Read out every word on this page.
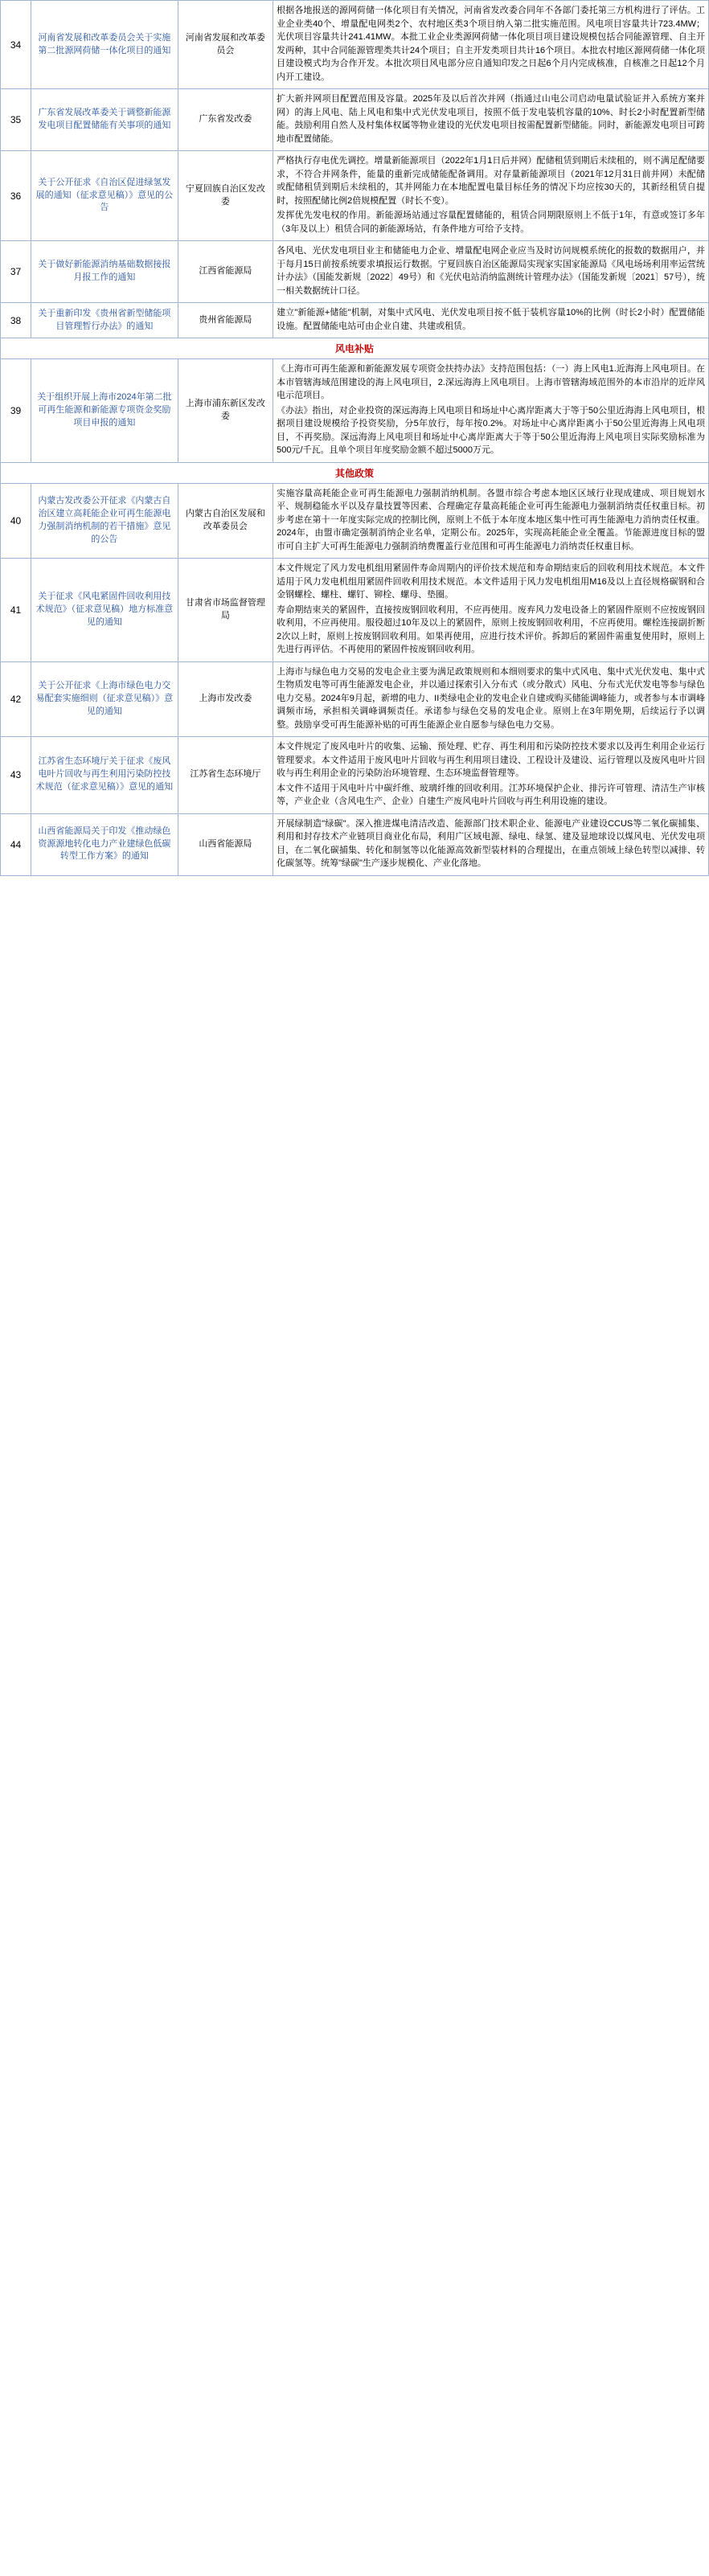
34	河南省发展和改革委员会关于实施第二批源网荷储一体化项目的通知	河南省发展和改革委员会	根据各地报送的源网荷储一体化项目有关情况，河南省发改委合同年不各部门委托第三方机构进行了评估。工业企业类40个、增量配电网类2个、农村地区类3个项目纳入第二批实施范围。风电项目容量共计723.4MW；光伏项目容量共计241.41MW。本批工业企业类源网荷储一体化项目项目建设规模包括合同能源管理、自主开发两种，其中合同能源管理类共计24个项目；自主开发类项目共计16个项目。本批农村地区源网荷储一体化项目建设模式均为合作开发。本批次项目风电部分应自通知印发之日起6个月内完成核准，自核准之日起12个月内开工建设。

35	广东省发展改革委关于调整新能源发电项目配置储能有关事项的通知	广东省发改委	扩大新并网项目配置范围及容量。2025年及以后首次并网（指通过山电公司启动电量试验证并入系统方案并网）的海上风电、陆上风电和集中式光伏发电项目，按照不低于发电装机容量的10%、时长2小时配置新型储能。鼓励利用自然人及村集体权属等物业建设的光伏发电项目按需配置新型储能。同时，新能源发电项目可跨地市配置储能。

36	关于公开征求《自治区促进绿氢发展的通知（征求意见稿）》意见的公告	宁夏回族自治区发改委	严格执行存电优先调控。增量新能源项目（2022年1月1日后并网）配储租赁到期后未续租的，则不满足配储要求，不符合并网条件，能量的重新完成储能配备调用。对存量新能源项目（2021年12月31日前并网）未配储或配储租赁到期后未续租的，其并网能力在本地配置电量目标任务的情况下均应按30天的，其新经租赁自提时，按照配储比例2倍规模配置（时长不变）。

发挥优先发电权的作用。新能源场站通过容量配置储能的，租赁合同期限原则上不低于1年，有意或签订多年（3年及以上）租赁合同的新能源场站，有条件地方可给予支持。

37	关于做好新能源消纳基础数据接报月报工作的通知	江西省能源局	各风电、光伏发电项目业主和储能电力企业、增量配电网企业应当及时访问规模系统化的报数的数据用户，并于每月15日前按系统要求填报运行数据。宁夏回族自治区能源局实现家实国家能源局《风电场场利用率运营统计办法》（国能发新规〔2022〕49号）和《光伏电站消纳监测统计管理办法》（国能发新规〔2021〕57号），统一相关数据统计口径。

38	关于重新印发《贵州省新型储能项目管理暂行办法》的通知	贵州省能源局	建立"新能源+储能"机制，对集中式风电、光伏发电项目按不低于装机容量10%的比例（时长2小时）配置储能设施。配置储能电站可由企业自建、共建或租赁。

风电补贴			
39	关于组织开展上海市2024年第二批可再生能源和新能源专项资金奖励项目申报的通知	上海市浦东新区发改委	《上海市可再生能源和新能源发展专项资金扶持办法》支持范围包括：（一）海上风电1.近海海上风电项目。在本市管辖海域范围建设的海上风电项目，2.深远海海上风电项目。上海市管辖海域范围外的本市沿岸的近岸风电示范项目。

《办法》指出，对企业投资的深远海海上风电项目和场址中心离岸距离大于等于50公里近海海上风电项目，根据项目建设规模给予投资奖励，分5年放行，每年按0.2%。对场址中心离岸距离小于50公里近海海上风电项目，不再奖励。深远海海上风电项目和场址中心离岸距离大于等于50公里近海海上风电项目实际奖励标准为500元/千瓦。且单个项目年度奖励金额不超过5000万元。

其他政策			
40	内蒙古发改委公开征求《内蒙古自治区建立高耗能企业可再生能源电力强制消纳机制的若干措施》意见的公告	内蒙古自治区发展和改革委员会	实施容量高耗能企业可再生能源电力强制消纳机制。各盟市综合考虑本地区区域行业现成建成、项目规划水平、规制稳能水平以及存量技置等因素、合理确定存量高耗能企业可再生能源电力强制消纳责任权重目标。初步考虑在第十一年度实际完成的控制比例，原则上不低于本年度本地区集中性可再生能源电力消纳责任权重。2024年，由盟市确定强制消纳企业名单，定期公布。2025年，实现高耗能企业全覆盖。节能源进度目标的盟市可自主扩大可再生能源电力强制消纳费覆盖行业范围和可再生能源电力消纳责任权重目标。

41	关于征求《风电紧固件回收利用技术规范》（征求意见稿）地方标准意见的通知	甘肃省市场监督管理局	本文件规定了风力发电机组用紧固件寿命周期内的评价技术规范和寿命期结束后的回收利用技术规范。本文件适用于风力发电机组用紧固件回收利用技术规范。本文件适用于风力发电机组用M16及以上直径规格碳钢和合金钢螺栓、螺柱、螺钉、铆栓、螺母、垫圈。

寿命期结束关的紧固件，直接按废钢回收利用，不应再使用。废弃风力发电设备上的紧固件原则不应按废钢回收利用，不应再使用。服役超过10年及以上的紧固件，原则上按废钢回收利用，不应再使用。螺栓连接副折断2次以上时，原则上按废钢回收利用。如果再使用，应进行技术评价。拆卸后的紧固件需重复使用时，原则上先进行再评估。不再使用的紧固件按废钢回收利用。

42	关于公开征求《上海市绿色电力交易配套实施细则（征求意见稿）》意见的通知	上海市发改委	上海市与绿色电力交易的发电企业主要为满足政策规则和本细则要求的集中式风电、集中式光伏发电、集中式生物质发电等可再生能源发电企业，并以通过探索引入分布式（或分散式）风电、分布式光伏发电等参与绿色电力交易。2024年9月起，新增的电力、II类绿电企业的发电企业自建或购买储能调峰能力，或者参与本市调峰调频市场，承担相关调峰调频责任。承诺参与绿色交易的发电企业。原则上在3年期免期，后续运行予以调整。鼓励享受可再生能源补贴的可再生能源企业自愿参与绿色电力交易。

43	江苏省生态环境厅关于征求《废风电叶片回收与再生利用污染防控技术规范（征求意见稿）》意见的通知	江苏省生态环境厅	本文件规定了废风电叶片的收集、运输、预处理、贮存、再生利用和污染防控技术要求以及再生利用企业运行管理要求。本文件适用于废风电叶片回收与再生利用项目建设、工程设计及建设、运行管理以及废风电叶片回收与再生利用企业的污染防治环境管理、生态环境监督管理等。

本文件不适用于风电叶片中碳纤维、玻璃纤维的回收利用。江苏环境保护企业、排污许可管理、清洁生产审核等，产业企业（含风电生产、企业）自建生产废风电叶片回收与再生利用设施的建设。

44	山西省能源局关于印发《推动绿色资源源地转化电力产业建绿色低碳转型工作方案》的通知	山西省能源局	开展绿制造"绿碳"。深入推进煤电清洁改造、能源部门技术职企业、能源电产业建设CCUS等二氧化碳捕集、利用和封存技术产业链项目商业化布局，利用广区域电源、绿电、绿氢、建及显地球设以煤风电、光伏发电项目，在二氧化碳捕集、转化和制氢等以化能源高效新型装材料的合理提出，在重点领域上绿色转型以减排、转化碳氢等。统筹"绿碳"生产逐步规模化、产业化落地。
